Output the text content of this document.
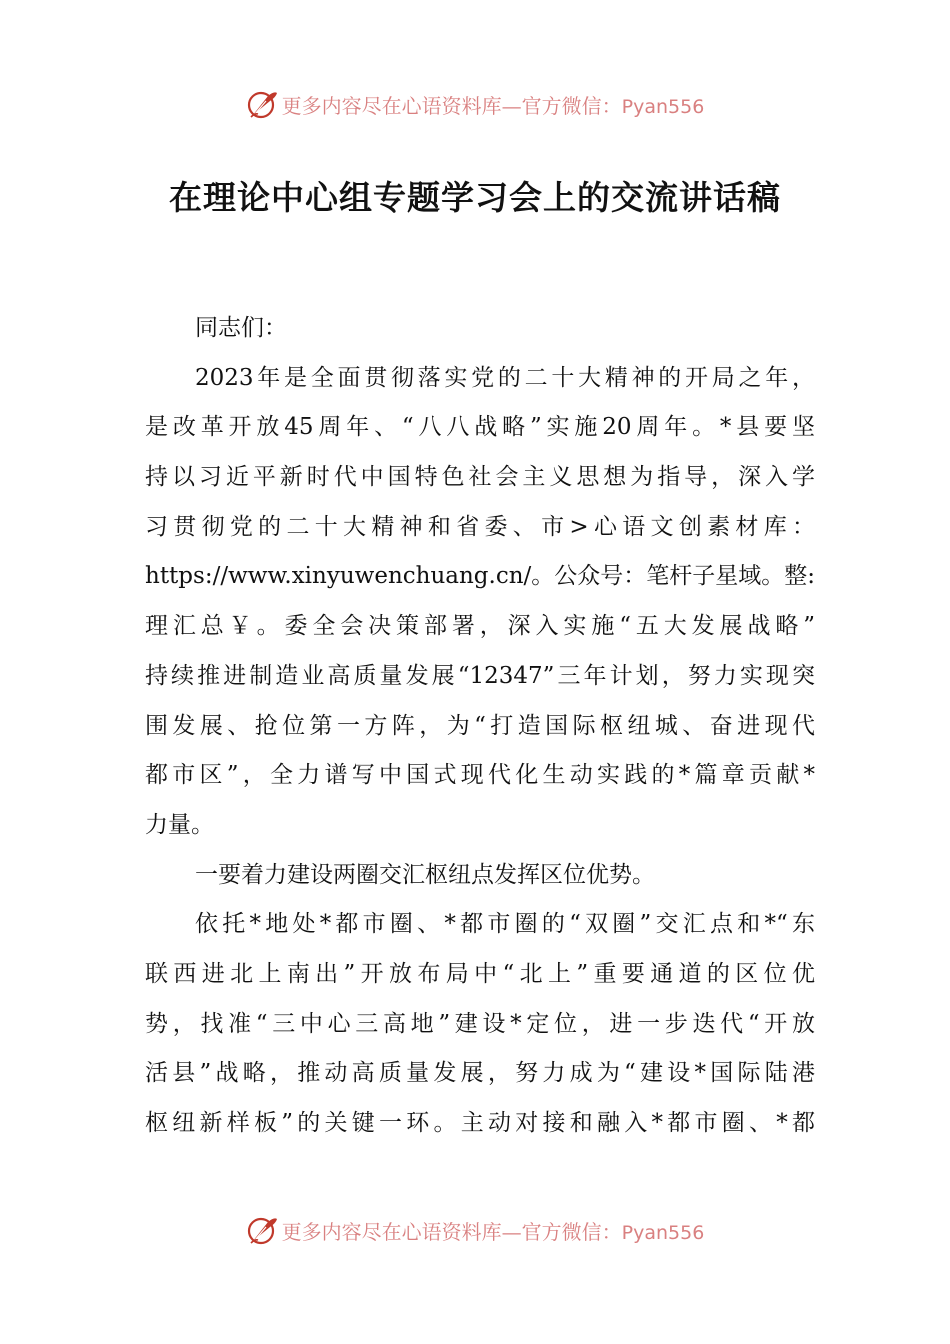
更多内容尽在心语资料库—官方微信：Pyan556
在理论中心组专题学习会上的交流讲话稿
同志们：
2023年是全面贯彻落实党的二十大精神的开局之年，
是改革开放45周年、“八八战略”实施20周年。*县要坚
持以习近平新时代中国特色社会主义思想为指导，深入学
习贯彻党的二十大精神和省委、市>心语文创素材库：
https://www.xinyuwenchuang.cn/。公众号：笔杆子星域。整:
理汇总￥。委全会决策部署，深入实施“五大发展战略”
持续推进制造业高质量发展“12347”三年计划，努力实现突
围发展、抢位第一方阵，为“打造国际枢纽城、奋进现代
都市区”，全力谱写中国式现代化生动实践的*篇章贡献*
力量。
一要着力建设两圈交汇枢纽点发挥区位优势。
依托*地处*都市圈、*都市圈的“双圈”交汇点和*“东
联西进北上南出”开放布局中“北上”重要通道的区位优
势，找准“三中心三高地”建设*定位，进一步迭代“开放
活县”战略，推动高质量发展，努力成为“建设*国际陆港
枢纽新样板”的关键一环。主动对接和融入*都市圈、*都
更多内容尽在心语资料库—官方微信：Pyan556
